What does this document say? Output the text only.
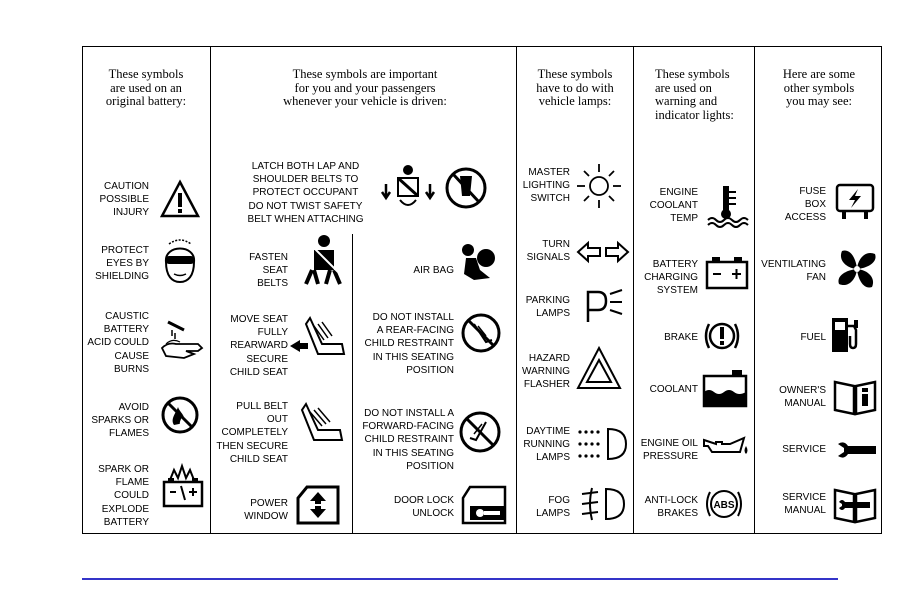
These symbols
are used on an
original battery:
These symbols are important
for you and your passengers
whenever your vehicle is driven:
These symbols
have to do with
vehicle lamps:
These symbols
are used on
warning and
indicator lights:
Here are some
other symbols
you may see:
CAUTION
POSSIBLE
INJURY
PROTECT
EYES BY
SHIELDING
CAUSTIC
BATTERY
ACID COULD
CAUSE
BURNS
AVOID
SPARKS OR
FLAMES
SPARK OR
FLAME
COULD
EXPLODE
BATTERY
LATCH BOTH LAP AND
SHOULDER BELTS TO
PROTECT OCCUPANT
DO NOT TWIST SAFETY
BELT WHEN ATTACHING
FASTEN
SEAT
BELTS
AIR BAG
MOVE SEAT
FULLY
REARWARD
SECURE
CHILD SEAT
DO NOT INSTALL
A REAR-FACING
CHILD RESTRAINT
IN THIS SEATING
POSITION
PULL BELT
OUT
COMPLETELY
THEN SECURE
CHILD SEAT
DO NOT INSTALL A
FORWARD-FACING
CHILD RESTRAINT
IN THIS SEATING
POSITION
POWER
WINDOW
DOOR LOCK
UNLOCK
MASTER
LIGHTING
SWITCH
TURN
SIGNALS
PARKING
LAMPS
HAZARD
WARNING
FLASHER
DAYTIME
RUNNING
LAMPS
FOG
LAMPS
ENGINE
COOLANT
TEMP
BATTERY
CHARGING
SYSTEM
BRAKE
COOLANT
ENGINE OIL
PRESSURE
ANTI-LOCK
BRAKES
ABS
FUSE
BOX
ACCESS
VENTILATING
FAN
FUEL
OWNER'S
MANUAL
SERVICE
SERVICE
MANUAL
